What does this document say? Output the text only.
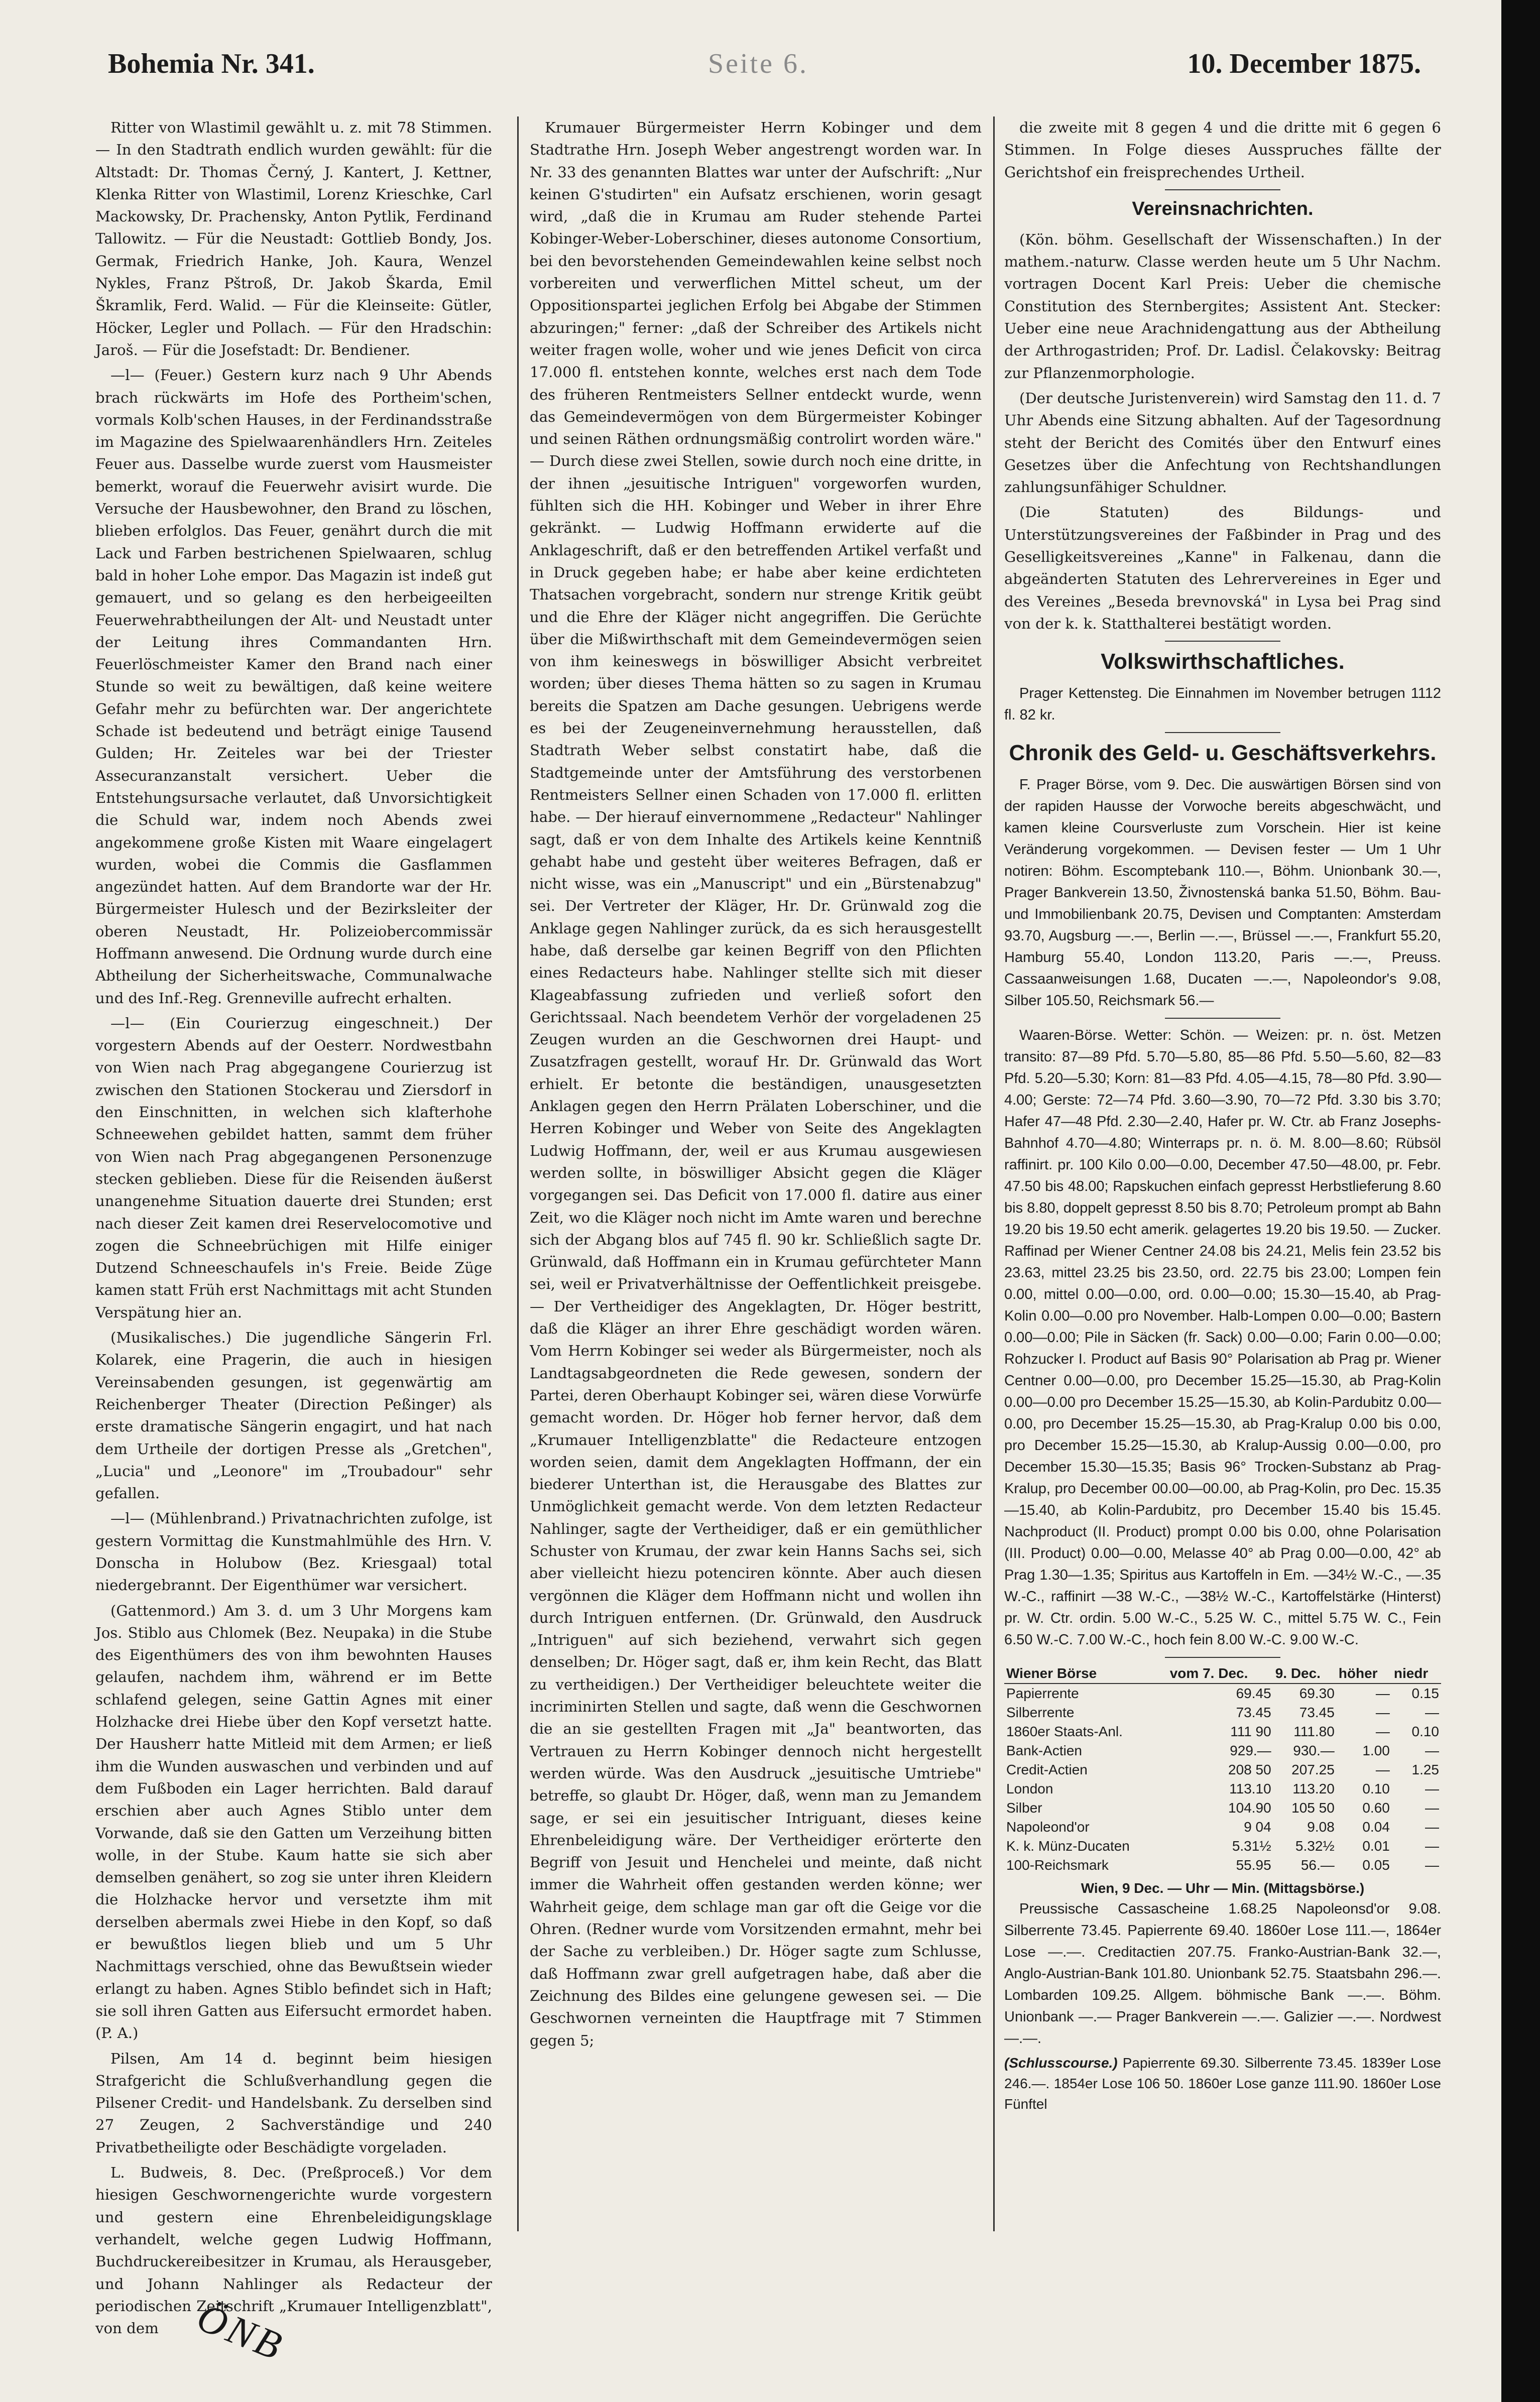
Bohemia Nr. 341.	Seite 6.	10. December 1875.

Ritter von Wlastimil gewählt u. z. mit 78 Stimmen. — In den Stadtrath endlich wurden gewählt: für die Altstadt: Dr. Thomas Černý, J. Kantert, J. Kettner, Klenka Ritter von Wlastimil, Lorenz Krieschke, Carl Mackowsky, Dr. Prachensky, Anton Pytlik, Ferdinand Tallowitz. — Für die Neustadt: Gottlieb Bondy, Jos. Germak, Friedrich Hanke, Joh. Kaura, Wenzel Nykles, Franz Pštroß, Dr. Jakob Škarda, Emil Škramlik, Ferd. Walid. — Für die Kleinseite: Gütler, Höcker, Legler und Pollach. — Für den Hradschin: Jaroš. — Für die Josefstadt: Dr. Bendiener.

—l— (Feuer.) Gestern kurz nach 9 Uhr Abends brach rückwärts im Hofe des Portheim'schen, vormals Kolb'schen Hauses, in der Ferdinandsstraße im Magazine des Spielwaarenhändlers Hrn. Zeiteles Feuer aus. Dasselbe wurde zuerst vom Hausmeister bemerkt, worauf die Feuerwehr avisirt wurde. Die Versuche der Hausbewohner, den Brand zu löschen, blieben erfolglos. Das Feuer, genährt durch die mit Lack und Farben bestrichenen Spielwaaren, schlug bald in hoher Lohe empor. Das Magazin ist indeß gut gemauert, und so gelang es den herbeigeeilten Feuerwehrabtheilungen der Alt- und Neustadt unter der Leitung ihres Commandanten Hrn. Feuerlöschmeister Kamer den Brand nach einer Stunde so weit zu bewältigen, daß keine weitere Gefahr mehr zu befürchten war. Der angerichtete Schade ist bedeutend und beträgt einige Tausend Gulden; Hr. Zeiteles war bei der Triester Assecuranzanstalt versichert. Ueber die Entstehungsursache verlautet, daß Unvorsichtigkeit die Schuld war, indem noch Abends zwei angekommene große Kisten mit Waare eingelagert wurden, wobei die Commis die Gasflammen angezündet hatten. Auf dem Brandorte war der Hr. Bürgermeister Hulesch und der Bezirksleiter der oberen Neustadt, Hr. Polizeiobercommissär Hoffmann anwesend. Die Ordnung wurde durch eine Abtheilung der Sicherheitswache, Communalwache und des Inf.-Reg. Grenneville aufrecht erhalten.

—l— (Ein Courierzug eingeschneit.) Der vorgestern Abends auf der Oesterr. Nordwestbahn von Wien nach Prag abgegangene Courierzug ist zwischen den Stationen Stockerau und Ziersdorf in den Einschnitten, in welchen sich klafterhohe Schneewehen gebildet hatten, sammt dem früher von Wien nach Prag abgegangenen Personenzuge stecken geblieben. Diese für die Reisenden äußerst unangenehme Situation dauerte drei Stunden; erst nach dieser Zeit kamen drei Reservelocomotive und zogen die Schneebrüchigen mit Hilfe einiger Dutzend Schneeschaufels in's Freie. Beide Züge kamen statt Früh erst Nachmittags mit acht Stunden Verspätung hier an.

(Musikalisches.) Die jugendliche Sängerin Frl. Kolarek, eine Pragerin, die auch in hiesigen Vereinsabenden gesungen, ist gegenwärtig am Reichenberger Theater (Direction Peßinger) als erste dramatische Sängerin engagirt, und hat nach dem Urtheile der dortigen Presse als „Gretchen", „Lucia" und „Leonore" im „Troubadour" sehr gefallen.

—l— (Mühlenbrand.) Privatnachrichten zufolge, ist gestern Vormittag die Kunstmahlmühle des Hrn. V. Donscha in Holubow (Bez. Kriesgaal) total niedergebrannt. Der Eigenthümer war versichert.

(Gattenmord.) Am 3. d. um 3 Uhr Morgens kam Jos. Stiblo aus Chlomek (Bez. Neupaka) in die Stube des Eigenthümers des von ihm bewohnten Hauses gelaufen, nachdem ihm, während er im Bette schlafend gelegen, seine Gattin Agnes mit einer Holzhacke drei Hiebe über den Kopf versetzt hatte. Der Hausherr hatte Mitleid mit dem Armen; er ließ ihm die Wunden auswaschen und verbinden und auf dem Fußboden ein Lager herrichten. Bald darauf erschien aber auch Agnes Stiblo unter dem Vorwande, daß sie den Gatten um Verzeihung bitten wolle, in der Stube. Kaum hatte sie sich aber demselben genähert, so zog sie unter ihren Kleidern die Holzhacke hervor und versetzte ihm mit derselben abermals zwei Hiebe in den Kopf, so daß er bewußtlos liegen blieb und um 5 Uhr Nachmittags verschied, ohne das Bewußtsein wieder erlangt zu haben. Agnes Stiblo befindet sich in Haft; sie soll ihren Gatten aus Eifersucht ermordet haben. (P. A.)

Pilsen, Am 14 d. beginnt beim hiesigen Strafgericht die Schlußverhandlung gegen die Pilsener Credit- und Handelsbank. Zu derselben sind 27 Zeugen, 2 Sachverständige und 240 Privatbetheiligte oder Beschädigte vorgeladen.

L. Budweis, 8. Dec. (Preßproceß.) Vor dem hiesigen Geschwornengerichte wurde vorgestern und gestern eine Ehrenbeleidigungsklage verhandelt, welche gegen Ludwig Hoffmann, Buchdruckereibesitzer in Krumau, als Herausgeber, und Johann Nahlinger als Redacteur der periodischen Zeitschrift „Krumauer Intelligenzblatt", von dem

Krumauer Bürgermeister Herrn Kobinger und dem Stadtrathe Hrn. Joseph Weber angestrengt worden war. In Nr. 33 des genannten Blattes war unter der Aufschrift: „Nur keinen G'studirten" ein Aufsatz erschienen, worin gesagt wird, „daß die in Krumau am Ruder stehende Partei Kobinger-Weber-Loberschiner, dieses autonome Consortium, bei den bevorstehenden Gemeindewahlen keine selbst noch vorbereiten und verwerflichen Mittel scheut, um der Oppositionspartei jeglichen Erfolg bei Abgabe der Stimmen abzuringen;" ferner: „daß der Schreiber des Artikels nicht weiter fragen wolle, woher und wie jenes Deficit von circa 17.000 fl. entstehen konnte, welches erst nach dem Tode des früheren Rentmeisters Sellner entdeckt wurde, wenn das Gemeindevermögen von dem Bürgermeister Kobinger und seinen Räthen ordnungsmäßig controlirt worden wäre." — Durch diese zwei Stellen, sowie durch noch eine dritte, in der ihnen „jesuitische Intriguen" vorgeworfen wurden, fühlten sich die HH. Kobinger und Weber in ihrer Ehre gekränkt. — Ludwig Hoffmann erwiderte auf die Anklageschrift, daß er den betreffenden Artikel verfaßt und in Druck gegeben habe; er habe aber keine erdichteten Thatsachen vorgebracht, sondern nur strenge Kritik geübt und die Ehre der Kläger nicht angegriffen. Die Gerüchte über die Mißwirthschaft mit dem Gemeindevermögen seien von ihm keineswegs in böswilliger Absicht verbreitet worden; über dieses Thema hätten so zu sagen in Krumau bereits die Spatzen am Dache gesungen. Uebrigens werde es bei der Zeugeneinvernehmung herausstellen, daß Stadtrath Weber selbst constatirt habe, daß die Stadtgemeinde unter der Amtsführung des verstorbenen Rentmeisters Sellner einen Schaden von 17.000 fl. erlitten habe. — Der hierauf einvernommene „Redacteur" Nahlinger sagt, daß er von dem Inhalte des Artikels keine Kenntniß gehabt habe und gesteht über weiteres Befragen, daß er nicht wisse, was ein „Manuscript" und ein „Bürstenabzug" sei. Der Vertreter der Kläger, Hr. Dr. Grünwald zog die Anklage gegen Nahlinger zurück, da es sich herausgestellt habe, daß derselbe gar keinen Begriff von den Pflichten eines Redacteurs habe. Nahlinger stellte sich mit dieser Klageabfassung zufrieden und verließ sofort den Gerichtssaal. Nach beendetem Verhör der vorgeladenen 25 Zeugen wurden an die Geschwornen drei Haupt- und Zusatzfragen gestellt, worauf Hr. Dr. Grünwald das Wort erhielt. Er betonte die beständigen, unausgesetzten Anklagen gegen den Herrn Prälaten Loberschiner, und die Herren Kobinger und Weber von Seite des Angeklagten Ludwig Hoffmann, der, weil er aus Krumau ausgewiesen werden sollte, in böswilliger Absicht gegen die Kläger vorgegangen sei. Das Deficit von 17.000 fl. datire aus einer Zeit, wo die Kläger noch nicht im Amte waren und berechne sich der Abgang blos auf 745 fl. 90 kr. Schließlich sagte Dr. Grünwald, daß Hoffmann ein in Krumau gefürchteter Mann sei, weil er Privatverhältnisse der Oeffentlichkeit preisgebe. — Der Vertheidiger des Angeklagten, Dr. Höger bestritt, daß die Kläger an ihrer Ehre geschädigt worden wären. Vom Herrn Kobinger sei weder als Bürgermeister, noch als Landtagsabgeordneten die Rede gewesen, sondern der Partei, deren Oberhaupt Kobinger sei, wären diese Vorwürfe gemacht worden. Dr. Höger hob ferner hervor, daß dem „Krumauer Intelligenzblatte" die Redacteure entzogen worden seien, damit dem Angeklagten Hoffmann, der ein biederer Unterthan ist, die Herausgabe des Blattes zur Unmöglichkeit gemacht werde. Von dem letzten Redacteur Nahlinger, sagte der Vertheidiger, daß er ein gemüthlicher Schuster von Krumau, der zwar kein Hanns Sachs sei, sich aber vielleicht hiezu potenciren könnte. Aber auch diesen vergönnen die Kläger dem Hoffmann nicht und wollen ihn durch Intriguen entfernen. (Dr. Grünwald, den Ausdruck „Intriguen" auf sich beziehend, verwahrt sich gegen denselben; Dr. Höger sagt, daß er, ihm kein Recht, das Blatt zu vertheidigen.) Der Vertheidiger beleuchtete weiter die incriminirten Stellen und sagte, daß wenn die Geschwornen die an sie gestellten Fragen mit „Ja" beantworten, das Vertrauen zu Herrn Kobinger dennoch nicht hergestellt werden würde. Was den Ausdruck „jesuitische Umtriebe" betreffe, so glaubt Dr. Höger, daß, wenn man zu Jemandem sage, er sei ein jesuitischer Intriguant, dieses keine Ehrenbeleidigung wäre. Der Vertheidiger erörterte den Begriff von Jesuit und Henchelei und meinte, daß nicht immer die Wahrheit offen gestanden werden könne; wer Wahrheit geige, dem schlage man gar oft die Geige vor die Ohren. (Redner wurde vom Vorsitzenden ermahnt, mehr bei der Sache zu verbleiben.) Dr. Höger sagte zum Schlusse, daß Hoffmann zwar grell aufgetragen habe, daß aber die Zeichnung des Bildes eine gelungene gewesen sei. — Die Geschwornen verneinten die Hauptfrage mit 7 Stimmen gegen 5;

die zweite mit 8 gegen 4 und die dritte mit 6 gegen 6 Stimmen. In Folge dieses Ausspruches fällte der Gerichtshof ein freisprechendes Urtheil.

Vereinsnachrichten.

(Kön. böhm. Gesellschaft der Wissenschaften.) In der mathem.-naturw. Classe werden heute um 5 Uhr Nachm. vortragen Docent Karl Preis: Ueber die chemische Constitution des Sternbergites; Assistent Ant. Stecker: Ueber eine neue Arachnidengattung aus der Abtheilung der Arthrogastriden; Prof. Dr. Ladisl. Čelakovsky: Beitrag zur Pflanzenmorphologie.

(Der deutsche Juristenverein) wird Samstag den 11. d. 7 Uhr Abends eine Sitzung abhalten. Auf der Tagesordnung steht der Bericht des Comités über den Entwurf eines Gesetzes über die Anfechtung von Rechtshandlungen zahlungsunfähiger Schuldner.

(Die Statuten) des Bildungs- und Unterstützungsvereines der Faßbinder in Prag und des Geselligkeitsvereines „Kanne" in Falkenau, dann die abgeänderten Statuten des Lehrervereines in Eger und des Vereines „Beseda brevnovská" in Lysa bei Prag sind von der k. k. Statthalterei bestätigt worden.

Volkswirthschaftliches.

Prager Kettensteg. Die Einnahmen im November betrugen 1112 fl. 82 kr.

Chronik des Geld- u. Geschäftsverkehrs.

F. Prager Börse, vom 9. Dec. Die auswärtigen Börsen sind von der rapiden Hausse der Vorwoche bereits abgeschwächt, und kamen kleine Coursverluste zum Vorschein. Hier ist keine Veränderung vorgekommen. — Devisen fester — Um 1 Uhr notiren: Böhm. Escomptebank 110.—, Böhm. Unionbank 30.—, Prager Bankverein 13.50, Živnostenská banka 51.50, Böhm. Bau- und Immobilienbank 20.75, Devisen und Comptanten: Amsterdam 93.70, Augsburg —.—, Berlin —.—, Brüssel —.—, Frankfurt 55.20, Hamburg 55.40, London 113.20, Paris —.—, Preuss. Cassaanweisungen 1.68, Ducaten —.—, Napoleondor's 9.08, Silber 105.50, Reichsmark 56.—

Waaren-Börse. Wetter: Schön. — Weizen: pr. n. öst. Metzen transito: 87—89 Pfd. 5.70—5.80, 85—86 Pfd. 5.50—5.60, 82—83 Pfd. 5.20—5.30; Korn: 81—83 Pfd. 4.05—4.15, 78—80 Pfd. 3.90—4.00; Gerste: 72—74 Pfd. 3.60—3.90, 70—72 Pfd. 3.30 bis 3.70; Hafer 47—48 Pfd. 2.30—2.40, Hafer pr. W. Ctr. ab Franz Josephs-Bahnhof 4.70—4.80; Winterraps pr. n. ö. M. 8.00—8.60; Rübsöl raffinirt. pr. 100 Kilo 0.00—0.00, December 47.50—48.00, pr. Febr. 47.50 bis 48.00; Rapskuchen einfach gepresst Herbstlieferung 8.60 bis 8.80, doppelt gepresst 8.50 bis 8.70; Petroleum prompt ab Bahn 19.20 bis 19.50 echt amerik. gelagertes 19.20 bis 19.50. — Zucker. Raffinad per Wiener Centner 24.08 bis 24.21, Melis fein 23.52 bis 23.63, mittel 23.25 bis 23.50, ord. 22.75 bis 23.00; Lompen fein 0.00, mittel 0.00—0.00, ord. 0.00—0.00; 15.30—15.40, ab Prag-Kolin 0.00—0.00 pro November. Halb-Lompen 0.00—0.00; Bastern 0.00—0.00; Pile in Säcken (fr. Sack) 0.00—0.00; Farin 0.00—0.00; Rohzucker I. Product auf Basis 90° Polarisation ab Prag pr. Wiener Centner 0.00—0.00, pro December 15.25—15.30, ab Prag-Kolin 0.00—0.00 pro December 15.25—15.30, ab Kolin-Pardubitz 0.00—0.00, pro December 15.25—15.30, ab Prag-Kralup 0.00 bis 0.00, pro December 15.25—15.30, ab Kralup-Aussig 0.00—0.00, pro December 15.30—15.35; Basis 96° Trocken-Substanz ab Prag-Kralup, pro December 00.00—00.00, ab Prag-Kolin, pro Dec. 15.35—15.40, ab Kolin-Pardubitz, pro December 15.40 bis 15.45. Nachproduct (II. Product) prompt 0.00 bis 0.00, ohne Polarisation (III. Product) 0.00—0.00, Melasse 40° ab Prag 0.00—0.00, 42° ab Prag 1.30—1.35; Spiritus aus Kartoffeln in Em. —34½ W.-C., —.35 W.-C., raffinirt —38 W.-C., —38½ W.-C., Kartoffelstärke (Hinterst) pr. W. Ctr. ordin. 5.00 W.-C., 5.25 W. C., mittel 5.75 W. C., Fein 6.50 W.-C. 7.00 W.-C., hoch fein 8.00 W.-C. 9.00 W.-C.

Wiener Börse	vom 7. Dec.	9. Dec.	höher	niedr
Papierrente	69.45	69.30	—	0.15
Silberrente	73.45	73.45	—	—
1860er Staats-Anl.	111 90	111.80	—	0.10
Bank-Actien	929.—	930.—	1.00	—
Credit-Actien	208 50	207.25	—	1.25
London	113.10	113.20	0.10	—
Silber	104.90	105 50	0.60	—
Napoleond'or	9 04	9.08	0.04	—
K. k. Münz-Ducaten	5.31½	5.32½	0.01	—
100-Reichsmark	55.95	56.—	0.05	—
Wien, 9 Dec. — Uhr — Min. (Mittagsbörse.)

Preussische Cassascheine 1.68.25 Napoleonsd'or 9.08. Silberrente 73.45. Papierrente 69.40. 1860er Lose 111.—, 1864er Lose —.—. Creditactien 207.75. Franko-Austrian-Bank 32.—, Anglo-Austrian-Bank 101.80. Unionbank 52.75. Staatsbahn 296.—. Lombarden 109.25. Allgem. böhmische Bank —.—. Böhm. Unionbank —.— Prager Bankverein —.—. Galizier —.—. Nordwest —.—.

(Schlusscourse.) Papierrente 69.30. Silberrente 73.45. 1839er Lose 246.—. 1854er Lose 106 50. 1860er Lose ganze 111.90. 1860er Lose Fünftel
ÖNB
